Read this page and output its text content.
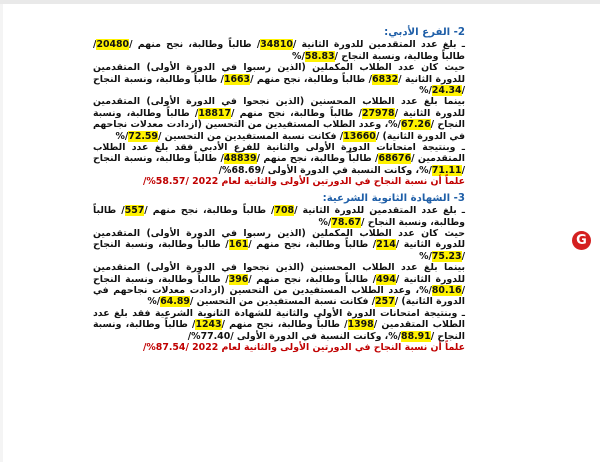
2- الفرع الأدبي:

ـ بلغ عدد المتقدمين للدورة الثانية /34810/ طالباً وطالبة، نجح منهم /20480/ طالباً وطالبة، ونسبة النجاح /58.83/%

حيث كان عدد الطلاب المكملين (الذين رسبوا في الدورة الأولى) المتقدمين للدورة الثانية /6832/ طالباً وطالبة، نجح منهم /1663/ طالباً وطالبة، ونسبة النجاح /24.34/%

بينما بلغ عدد الطلاب المحسنين (الذين نجحوا في الدورة الأولى) المتقدمين للدورة الثانية /27978/ طالباً وطالبة، نجح منهم /18817/ طالباً وطالبة، ونسبة النجاح /67.26/%، وعدد الطلاب المستفيدين من التحسين (ازدادت معدلات نجاحهم في الدورة الثانية) /13660/ فكانت نسبة المستفيدين من التحسين /72.59/%

ـ وبنتيجة امتحانات الدورة الأولى والثانية للفرع الأدبي فقد بلغ عدد الطلاب المتقدمين /68676/ طالباً وطالبة، نجح منهم /48839/ طالباً وطالبة، ونسبة النجاح /71.11/%، وكانت النسبة في الدورة الأولى /68.69%/

علماً أن نسبة النجاح في الدورتين الأولى والثانية لعام 2022 /58.57%/

3- الشهادة الثانوية الشرعية:

ـ بلغ عدد المتقدمين للدورة الثانية /708/ طالباً وطالبة، نجح منهم /557/ طالباً وطالبة، ونسبة النجاح /78.67/%

حيث كان عدد الطلاب المكملين (الذين رسبوا في الدورة الأولى) المتقدمين للدورة الثانية /214/ طالباً وطالبة، نجح منهم /161/ طالباً وطالبة، ونسبة النجاح /75.23/%

بينما بلغ عدد الطلاب المحسنين (الذين نجحوا في الدورة الأولى) المتقدمين للدورة الثانية /494/ طالباً وطالبة، نجح منهم /396/ طالباً وطالبة، ونسبة النجاح /80.16/%، وعدد الطلاب المستفيدين من التحسين (ازدادت معدلات نجاحهم في الدورة الثانية) /257/ فكانت نسبة المستفيدين من التحسين /64.89/%

ـ وبنتيجة امتحانات الدورة الأولى والثانية للشهادة الثانوية الشرعية فقد بلغ عدد الطلاب المتقدمين /1398/ طالباً وطالبة، نجح منهم /1243/ طالباً وطالبة، ونسبة النجاح /88.91/%، وكانت النسبة في الدورة الأولى /77.40%/

علماً أن نسبة النجاح في الدورتين الأولى والثانية لعام 2022 /87.54%/

G
